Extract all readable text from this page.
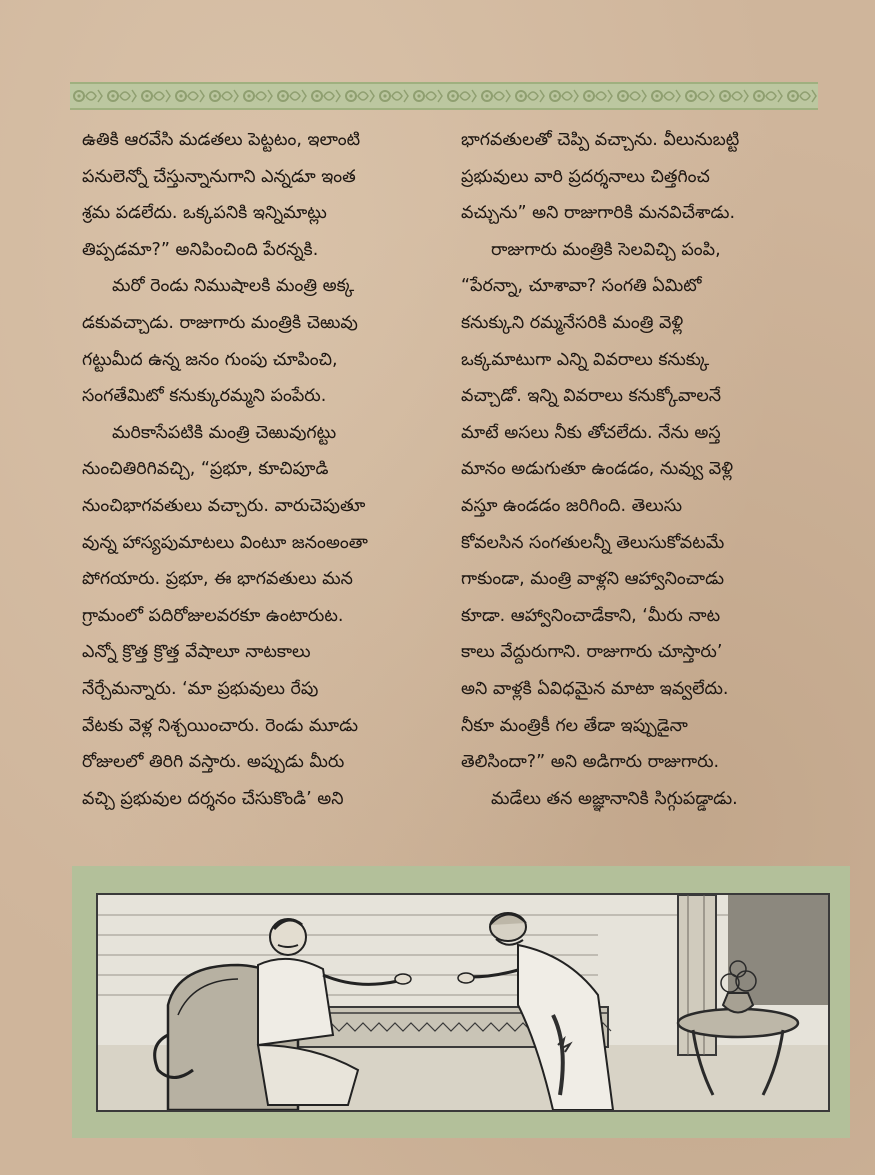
ఉతికి ఆరవేసి మడతలు పెట్టటం, ఇలాంటి
పనులెన్నో చేస్తున్నానుగాని ఎన్నడూ ఇంత
శ్రమ పడలేదు. ఒక్కపనికి ఇన్నిమాట్లు
తిప్పడమా?” అనిపించింది పేరన్నకి.
మరో రెండు నిముషాలకి మంత్రి అక్క
డకువచ్చాడు. రాజుగారు మంత్రికి చెఱువు
గట్టుమీద ఉన్న జనం గుంపు చూపించి,
సంగతేమిటో కనుక్కురమ్మని పంపేరు.
మరికాసేపటికి మంత్రి చెఱువుగట్టు
నుంచితిరిగివచ్చి, “ప్రభూ, కూచిపూడి
నుంచిభాగవతులు వచ్చారు. వారుచెపుతూ
వున్న హాస్యపుమాటలు వింటూ జనంఅంతా
పోగయారు. ప్రభూ, ఈ భాగవతులు మన
గ్రామంలో పదిరోజులవరకూ ఉంటారుట.
ఎన్నో క్రొత్త క్రొత్త వేషాలూ నాటకాలు
నేర్చేమన్నారు. ‘మా ప్రభువులు రేపు
వేటకు వెళ్ల నిశ్చయించారు. రెండు మూడు
రోజులలో తిరిగి వస్తారు. అప్పుడు మీరు
వచ్చి ప్రభువుల దర్శనం చేసుకొండి’ అని
భాగవతులతో చెప్పి వచ్చాను. వీలునుబట్టి
ప్రభువులు వారి ప్రదర్శనాలు చిత్తగించ
వచ్చును” అని రాజుగారికి మనవిచేశాడు.
రాజుగారు మంత్రికి సెలవిచ్చి పంపి,
“పేరన్నా, చూశావా? సంగతి ఏమిటో
కనుక్కుని రమ్మనేసరికి మంత్రి వెళ్లి
ఒక్కమాటుగా ఎన్ని వివరాలు కనుక్కు
వచ్చాడో. ఇన్ని వివరాలు కనుక్కోవాలనే
మాటే అసలు నీకు తోచలేదు. నేను అస్త
మానం అడుగుతూ ఉండడం, నువ్వు వెళ్లి
వస్తూ ఉండడం జరిగింది. తెలుసు
కోవలసిన సంగతులన్నీ తెలుసుకోవటమే
గాకుండా, మంత్రి వాళ్లని ఆహ్వానించాడు
కూడా. ఆహ్వానించాడేకాని, ‘మీరు నాట
కాలు వేద్దురుగాని. రాజుగారు చూస్తారు’
అని వాళ్లకి ఏవిధమైన మాటా ఇవ్వలేదు.
నీకూ మంత్రికీ గల తేడా ఇప్పుడైనా
తెలిసిందా?” అని అడిగారు రాజుగారు.
మడేలు తన అజ్ఞానానికి సిగ్గుపడ్డాడు.
